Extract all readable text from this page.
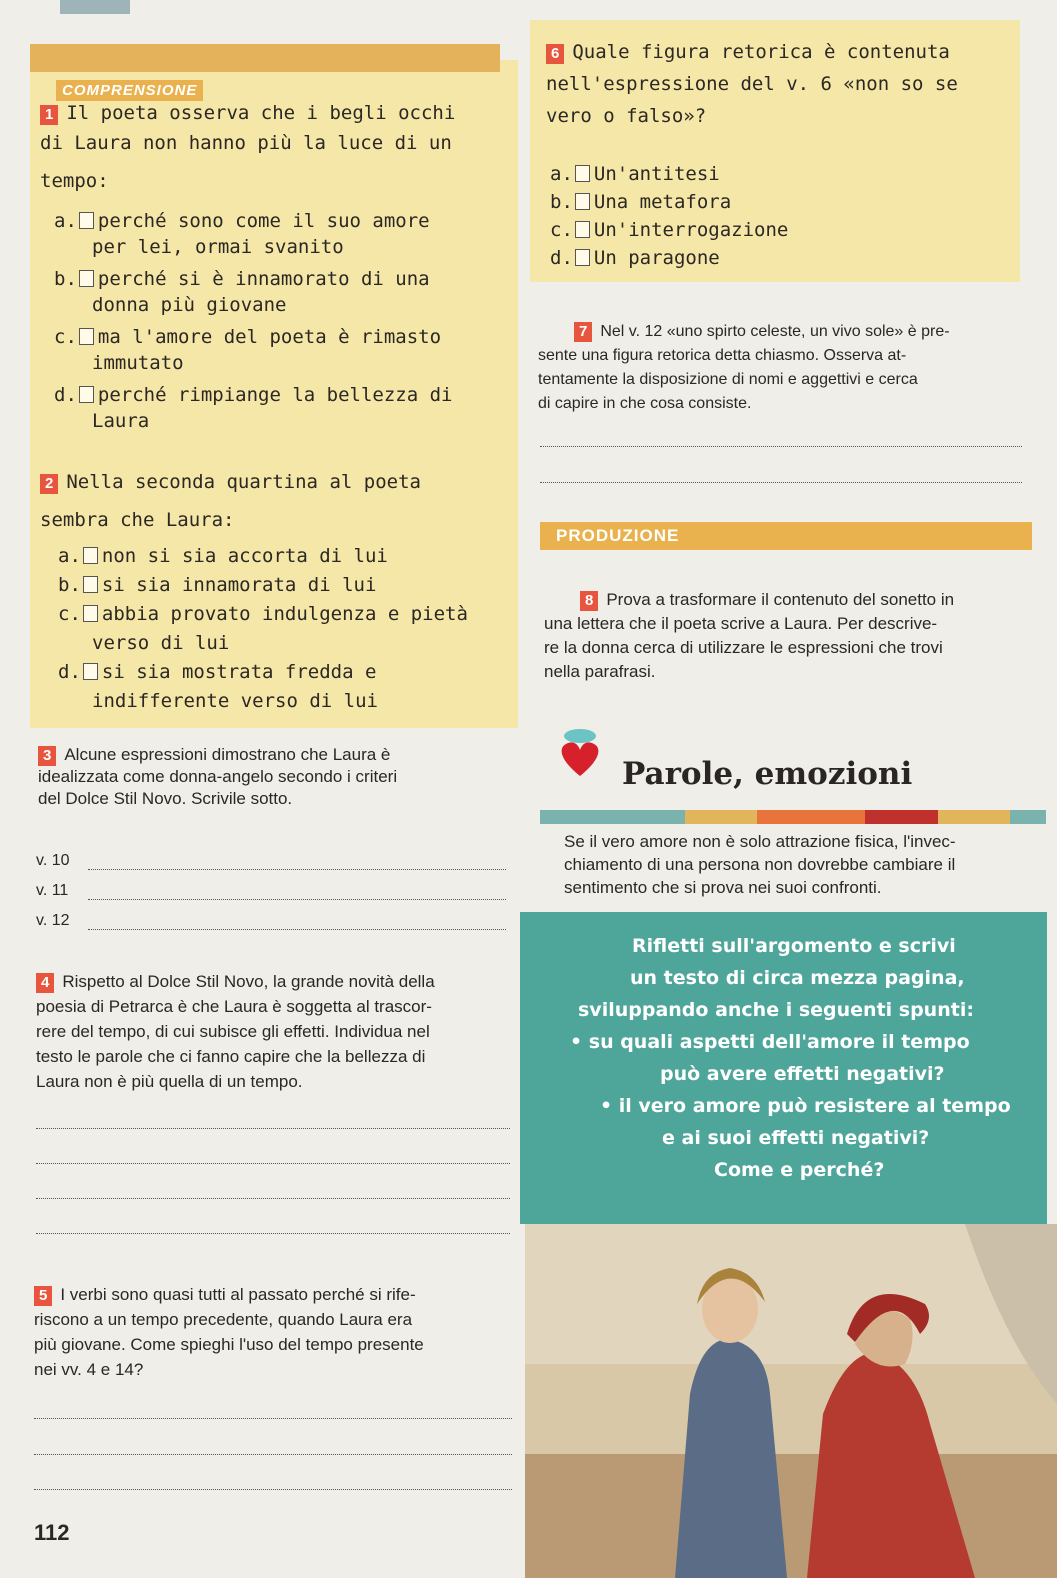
COMPRENSIONE
1 Il poeta osserva che i begli occhi
di Laura non hanno più la luce di un
tempo:
a. perché sono come il suo amore
per lei, ormai svanito
b. perché si è innamorato di una
donna più giovane
c. ma l'amore del poeta è rimasto
immutato
d. perché rimpiange la bellezza di
Laura
2 Nella seconda quartina al poeta
sembra che Laura:
a. non si sia accorta di lui
b. si sia innamorata di lui
c. abbia provato indulgenza e pietà
verso di lui
d. si sia mostrata fredda e
indifferente verso di lui
3 Alcune espressioni dimostrano che Laura è
idealizzata come donna-angelo secondo i criteri
del Dolce Stil Novo. Scrivile sotto.
v. 10
v. 11
v. 12
4 Rispetto al Dolce Stil Novo, la grande novità della
poesia di Petrarca è che Laura è soggetta al trascor-
rere del tempo, di cui subisce gli effetti. Individua nel
testo le parole che ci fanno capire che la bellezza di
Laura non è più quella di un tempo.
5 I verbi sono quasi tutti al passato perché si rife-
riscono a un tempo precedente, quando Laura era
più giovane. Come spieghi l'uso del tempo presente
nei vv. 4 e 14?
112
6 Quale figura retorica è contenuta
nell'espressione del v. 6 «non so se
vero o falso»?
a. Un'antitesi
b. Una metafora
c. Un'interrogazione
d. Un paragone
7 Nel v. 12 «uno spirto celeste, un vivo sole» è pre-
sente una figura retorica detta chiasmo. Osserva at-
tentamente la disposizione di nomi e aggettivi e cerca
di capire in che cosa consiste.
PRODUZIONE
8 Prova a trasformare il contenuto del sonetto in
una lettera che il poeta scrive a Laura. Per descrive-
re la donna cerca di utilizzare le espressioni che trovi
nella parafrasi.
Parole, emozioni
Se il vero amore non è solo attrazione fisica, l'invec-
chiamento di una persona non dovrebbe cambiare il
sentimento che si prova nei suoi confronti.
Rifletti sull'argomento e scrivi
un testo di circa mezza pagina,
sviluppando anche i seguenti spunti:
• su quali aspetti dell'amore il tempo
può avere effetti negativi?
• il vero amore può resistere al tempo
e ai suoi effetti negativi?
Come e perché?
